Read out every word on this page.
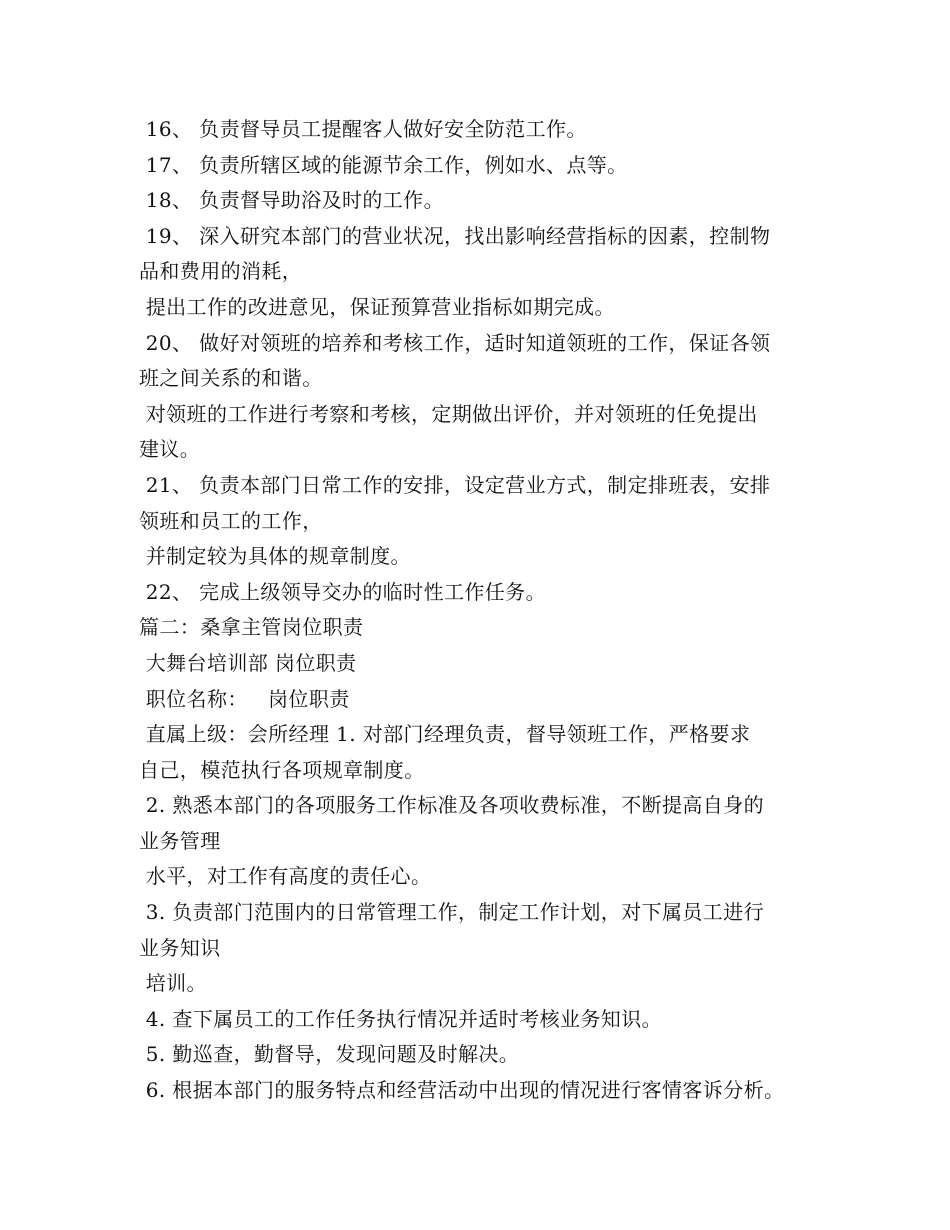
16、 负责督导员工提醒客人做好安全防范工作。
17、 负责所辖区域的能源节余工作，例如水、点等。
18、 负责督导助浴及时的工作。
19、 深入研究本部门的营业状况，找出影响经营指标的因素，控制物
品和费用的消耗，
提出工作的改进意见，保证预算营业指标如期完成。
20、 做好对领班的培养和考核工作，适时知道领班的工作，保证各领
班之间关系的和谐。
对领班的工作进行考察和考核，定期做出评价，并对领班的任免提出
建议。
21、 负责本部门日常工作的安排，设定营业方式，制定排班表，安排
领班和员工的工作，
并制定较为具体的规章制度。
22、 完成上级领导交办的临时性工作任务。
篇二：桑拿主管岗位职责
大舞台培训部 岗位职责
职位名称：   岗位职责
直属上级：会所经理 1. 对部门经理负责，督导领班工作，严格要求
自己，模范执行各项规章制度。
2. 熟悉本部门的各项服务工作标准及各项收费标准，不断提高自身的
业务管理
水平，对工作有高度的责任心。
3. 负责部门范围内的日常管理工作，制定工作计划，对下属员工进行
业务知识
培训。
4. 查下属员工的工作任务执行情况并适时考核业务知识。
5. 勤巡查，勤督导，发现问题及时解决。
6. 根据本部门的服务特点和经营活动中出现的情况进行客情客诉分析。
